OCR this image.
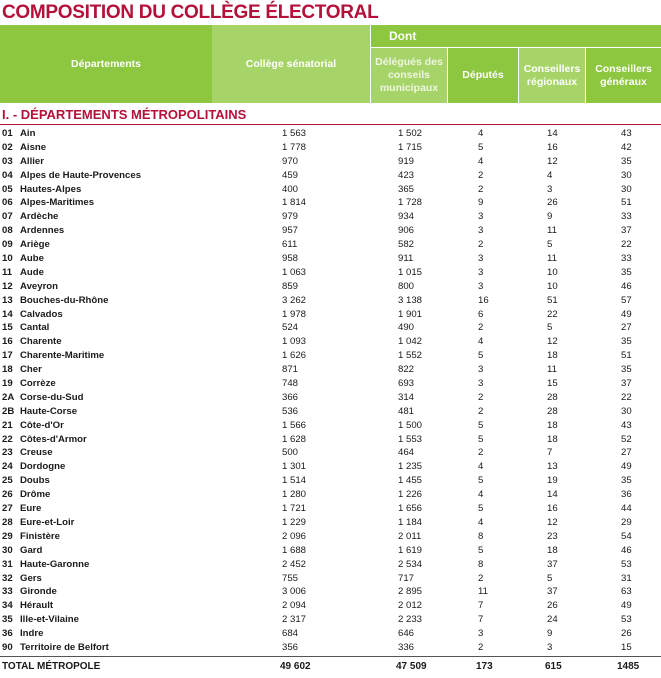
COMPOSITION DU COLLÈGE ÉLECTORAL
Départements	Collège sénatorial
Dont
Délégués des conseils municipaux
Députés
Conseillers régionaux
Conseillers généraux
I. - DÉPARTEMENTS MÉTROPOLITAINS
01 Ain	1 563	1 502	4	14	43
02 Aisne	1 778	1 715	5	16	42
03 Allier	970	919	4	12	35
04 Alpes de Haute-Provences	459	423	2	4	30
05 Hautes-Alpes	400	365	2	3	30
06 Alpes-Maritimes	1 814	1 728	9	26	51
07 Ardèche	979	934	3	9	33
08 Ardennes	957	906	3	11	37
09 Ariège	611	582	2	5	22
10 Aube	958	911	3	11	33
11 Aude	1 063	1 015	3	10	35
12 Aveyron	859	800	3	10	46
13 Bouches-du-Rhône	3 262	3 138	16	51	57
14 Calvados	1 978	1 901	6	22	49
15 Cantal	524	490	2	5	27
16 Charente	1 093	1 042	4	12	35
17 Charente-Maritime	1 626	1 552	5	18	51
18 Cher	871	822	3	11	35
19 Corrèze	748	693	3	15	37
2A Corse-du-Sud	366	314	2	28	22
2B Haute-Corse	536	481	2	28	30
21 Côte-d'Or	1 566	1 500	5	18	43
22 Côtes-d'Armor	1 628	1 553	5	18	52
23 Creuse	500	464	2	7	27
24 Dordogne	1 301	1 235	4	13	49
25 Doubs	1 514	1 455	5	19	35
26 Drôme	1 280	1 226	4	14	36
27 Eure	1 721	1 656	5	16	44
28 Eure-et-Loir	1 229	1 184	4	12	29
29 Finistère	2 096	2 011	8	23	54
30 Gard	1 688	1 619	5	18	46
31 Haute-Garonne	2 452	2 534	8	37	53
32 Gers	755	717	2	5	31
33 Gironde	3 006	2 895	11	37	63
34 Hérault	2 094	2 012	7	26	49
35 Ille-et-Vilaine	2 317	2 233	7	24	53
36 Indre	684	646	3	9	26
90 Territoire de Belfort	356	336	2	3	15
TOTAL MÉTROPOLE	49 602	47 509	173	615	1485
